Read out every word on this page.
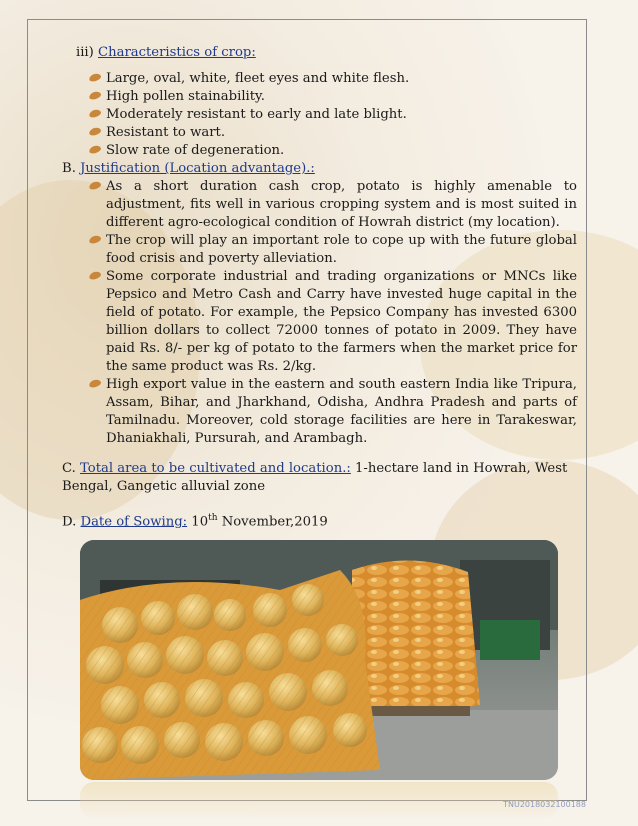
iii) Characteristics of crop:
Large, oval, white, fleet eyes and white flesh.
High pollen stainability.
Moderately resistant to early and late blight.
Resistant to wart.
Slow rate of degeneration.
B. Justification (Location advantage).:
As a short duration cash crop, potato is highly amenable to adjustment, fits well in various cropping system and is most suited in different agro-ecological condition of Howrah district (my location).
The crop will play an important role to cope up with the future global food crisis and poverty alleviation.
Some corporate industrial and trading organizations or MNCs like Pepsico and Metro Cash and Carry have invested huge capital in the field of potato. For example, the Pepsico Company has invested 6300 billion dollars to collect 72000 tonnes of potato in 2009. They have paid Rs. 8/- per kg of potato to the farmers when the market price for the same product was Rs. 2/kg.
High export value in the eastern and south eastern India like Tripura, Assam, Bihar, and Jharkhand, Odisha, Andhra Pradesh and parts of Tamilnadu. Moreover, cold storage facilities are here in Tarakeswar, Dhaniakhali, Pursurah, and Arambagh.
C. Total area to be cultivated and location.: 1-hectare land in Howrah, West Bengal, Gangetic alluvial zone
D. Date of Sowing: 10th November,2019
TNU2018032100188
